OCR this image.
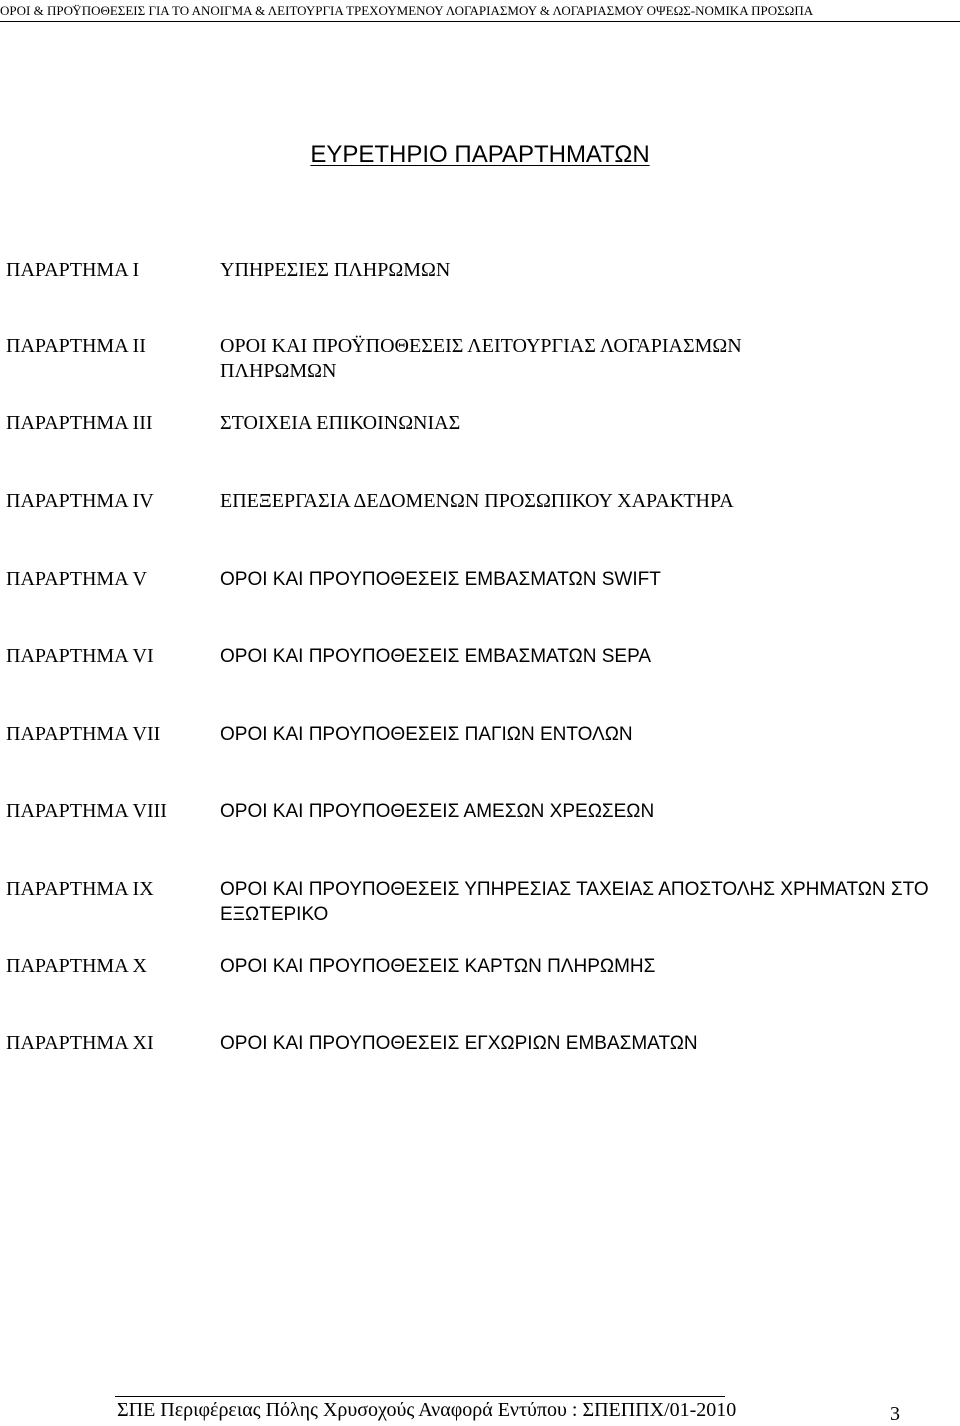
ΟΡΟΙ & ΠΡΟΫΠΟΘΕΣΕΙΣ ΓΙΑ ΤΟ ΑΝΟΙΓΜΑ & ΛΕΙΤΟΥΡΓΙΑ ΤΡΕΧΟΥΜΕΝΟΥ ΛΟΓΑΡΙΑΣΜΟΥ & ΛΟΓΑΡΙΑΣΜΟΥ ΟΨΕΩΣ-ΝΟΜΙΚΑ ΠΡΟΣΩΠΑ
ΕΥΡΕΤΗΡΙΟ ΠΑΡΑΡΤΗΜΑΤΩΝ
ΠΑΡΑΡΤΗΜΑ Ι	ΥΠΗΡΕΣΙΕΣ ΠΛΗΡΩΜΩΝ
ΠΑΡΑΡΤΗΜΑ ΙΙ	ΟΡΟΙ ΚΑΙ ΠΡΟΫΠΟΘΕΣΕΙΣ ΛΕΙΤΟΥΡΓΙΑΣ ΛΟΓΑΡΙΑΣΜΩΝ ΠΛΗΡΩΜΩΝ
ΠΑΡΑΡΤΗΜΑ ΙΙΙ	ΣΤΟΙΧΕΙΑ ΕΠΙΚΟΙΝΩΝΙΑΣ
ΠΑΡΑΡΤΗΜΑ IV	ΕΠΕΞΕΡΓΑΣΙΑ ΔΕΔΟΜΕΝΩΝ ΠΡΟΣΩΠΙΚΟΥ ΧΑΡΑΚΤΗΡΑ
ΠΑΡΑΡΤΗΜΑ V	ΟΡΟΙ ΚΑΙ ΠΡΟΥΠΟΘΕΣΕΙΣ ΕΜΒΑΣΜΑΤΩΝ SWIFT
ΠΑΡΑΡΤΗΜΑ VI	ΟΡΟΙ ΚΑΙ ΠΡΟΥΠΟΘΕΣΕΙΣ ΕΜΒΑΣΜΑΤΩΝ SEPA
ΠΑΡΑΡΤΗΜΑ VII	ΟΡΟΙ ΚΑΙ ΠΡΟΥΠΟΘΕΣΕΙΣ ΠΑΓΙΩΝ ΕΝΤΟΛΩΝ
ΠΑΡΑΡΤΗΜΑ VIII	ΟΡΟΙ ΚΑΙ ΠΡΟΥΠΟΘΕΣΕΙΣ ΑΜΕΣΩΝ ΧΡΕΩΣΕΩΝ
ΠΑΡΑΡΤΗΜΑ IX	ΟΡΟΙ ΚΑΙ ΠΡΟΥΠΟΘΕΣΕΙΣ ΥΠΗΡΕΣΙΑΣ ΤΑΧΕΙΑΣ ΑΠΟΣΤΟΛΗΣ ΧΡΗΜΑΤΩΝ ΣΤΟ ΕΞΩΤΕΡΙΚΟ
ΠΑΡΑΡΤΗΜΑ X	ΟΡΟΙ ΚΑΙ ΠΡΟΥΠΟΘΕΣΕΙΣ ΚΑΡΤΩΝ ΠΛΗΡΩΜΗΣ
ΠΑΡΑΡΤΗΜΑ XI	ΟΡΟΙ ΚΑΙ ΠΡΟΥΠΟΘΕΣΕΙΣ ΕΓΧΩΡΙΩΝ ΕΜΒΑΣΜΑΤΩΝ
ΣΠΕ Περιφέρειας Πόλης Χρυσοχούς Αναφορά Εντύπου : ΣΠΕΠΠΧ/01-2010	3
